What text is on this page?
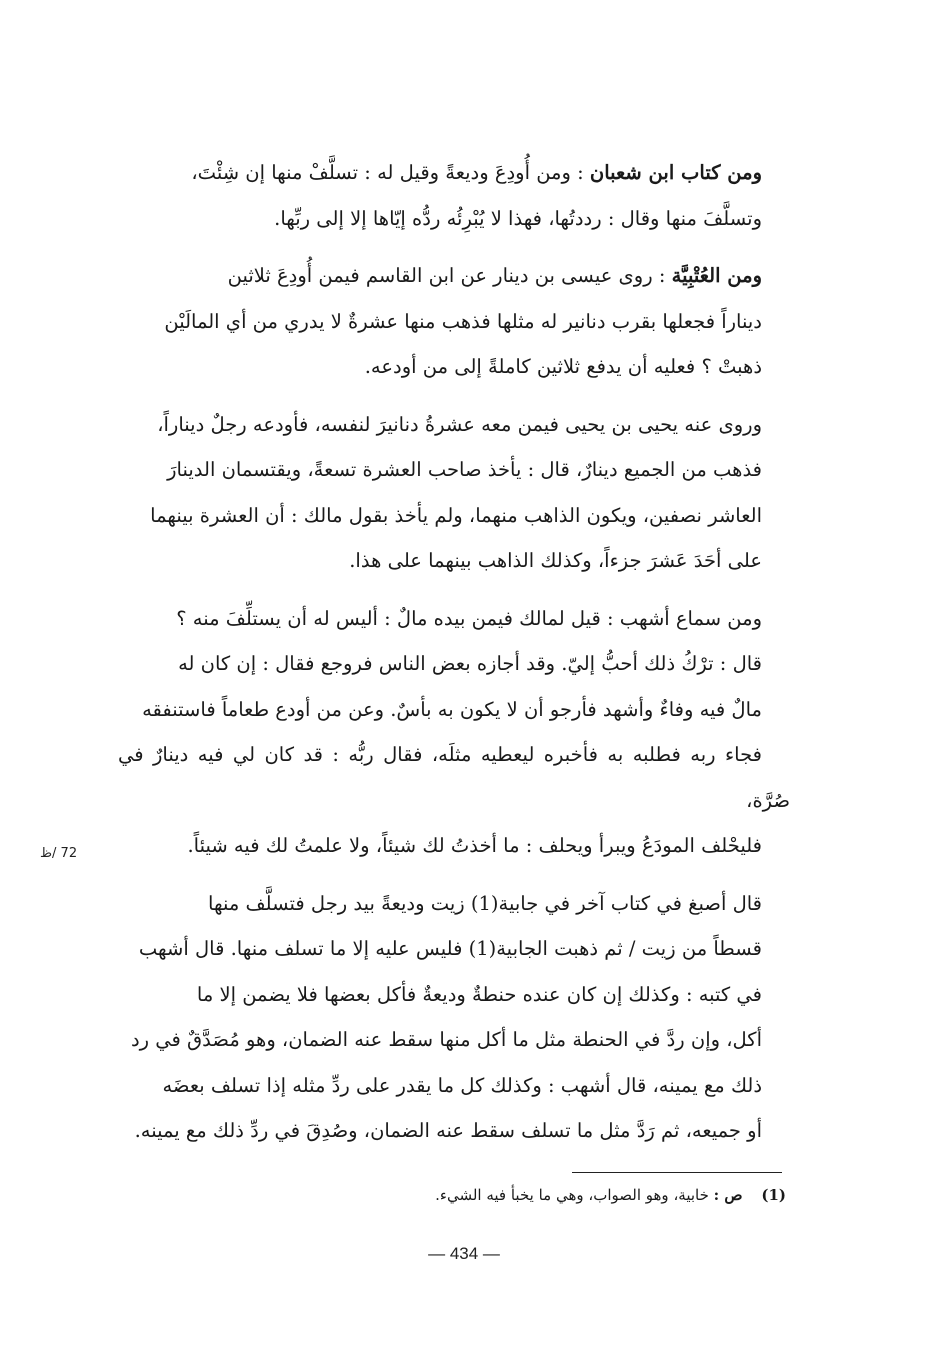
ومن كتاب ابن شعبان : ومن أُودِعَ وديعةً وقيل له : تسلَّفْ منها إن شِئْتَ،
وتسلَّفَ منها وقال : رددتُها، فهذا لا يُبْرِئُه ردُّه إيّاها إلا إلى ربِّها.

ومن العُتْبِيَّة : روى عيسى بن دينار عن ابن القاسم فيمن أُودِعَ ثلاثين
ديناراً فجعلها بقرب دنانير له مثلها فذهب منها عشرةٌ لا يدري من أي المالَيْن
ذهبتْ ؟ فعليه أن يدفع ثلاثين كاملةً إلى من أودعه.

وروى عنه يحيى بن يحيى فيمن معه عشرةُ دنانيرَ لنفسه، فأودعه رجلٌ ديناراً،
فذهب من الجميع دينارٌ، قال : يأخذ صاحب العشرة تسعةً، ويقتسمان الدينارَ
العاشر نصفين، ويكون الذاهب منهما، ولم يأخذ بقول مالك : أن العشرة بينهما
على أحَدَ عَشرَ جزءاً، وكذلك الذاهب بينهما على هذا.

ومن سماع أشهب : قيل لمالك فيمن بيده مالٌ : أليس له أن يستلِّفَ منه ؟
قال : ترْكُ ذلك أحبُّ إليّ. وقد أجازه بعض الناس فروجع فقال : إن كان له
مالٌ فيه وفاءٌ وأشهد فأرجو أن لا يكون به بأسٌ. وعن من أودع طعاماً فاستنفقه
فجاء ربه فطلبه به فأخبره ليعطيه مثلَه، فقال ربُّه : قد كان لي فيه دينارٌ في صُرَّة،
فليحْلف المودَعُ ويبرأ ويحلف : ما أخذتُ لك شيئاً، ولا علمتُ لك فيه شيئاً.

قال أصبغ في كتاب آخر في جابية(1) زيت وديعةً بيد رجل فتسلَّف منها
قسطاً من زيت / ثم ذهبت الجابية(1) فليس عليه إلا ما تسلف منها. قال أشهب
في كتبه : وكذلك إن كان عنده حنطةٌ وديعةٌ فأكل بعضها فلا يضمن إلا ما
أكل، وإن ردَّ في الحنطة مثل ما أكل منها سقط عنه الضمان، وهو مُصَدَّقٌ في رد
ذلك مع يمينه، قال أشهب : وكذلك كل ما يقدر على ردِّ مثله إذا تسلف بعضَه
أو جميعه، ثم رَدَّ مثل ما تسلف سقط عنه الضمان، وصُدِقَ في ردِّ ذلك مع يمينه.

72 /ظ
(1) ص : خابية، وهو الصواب، وهي ما يخبأ فيه الشيء.
— 434 —
